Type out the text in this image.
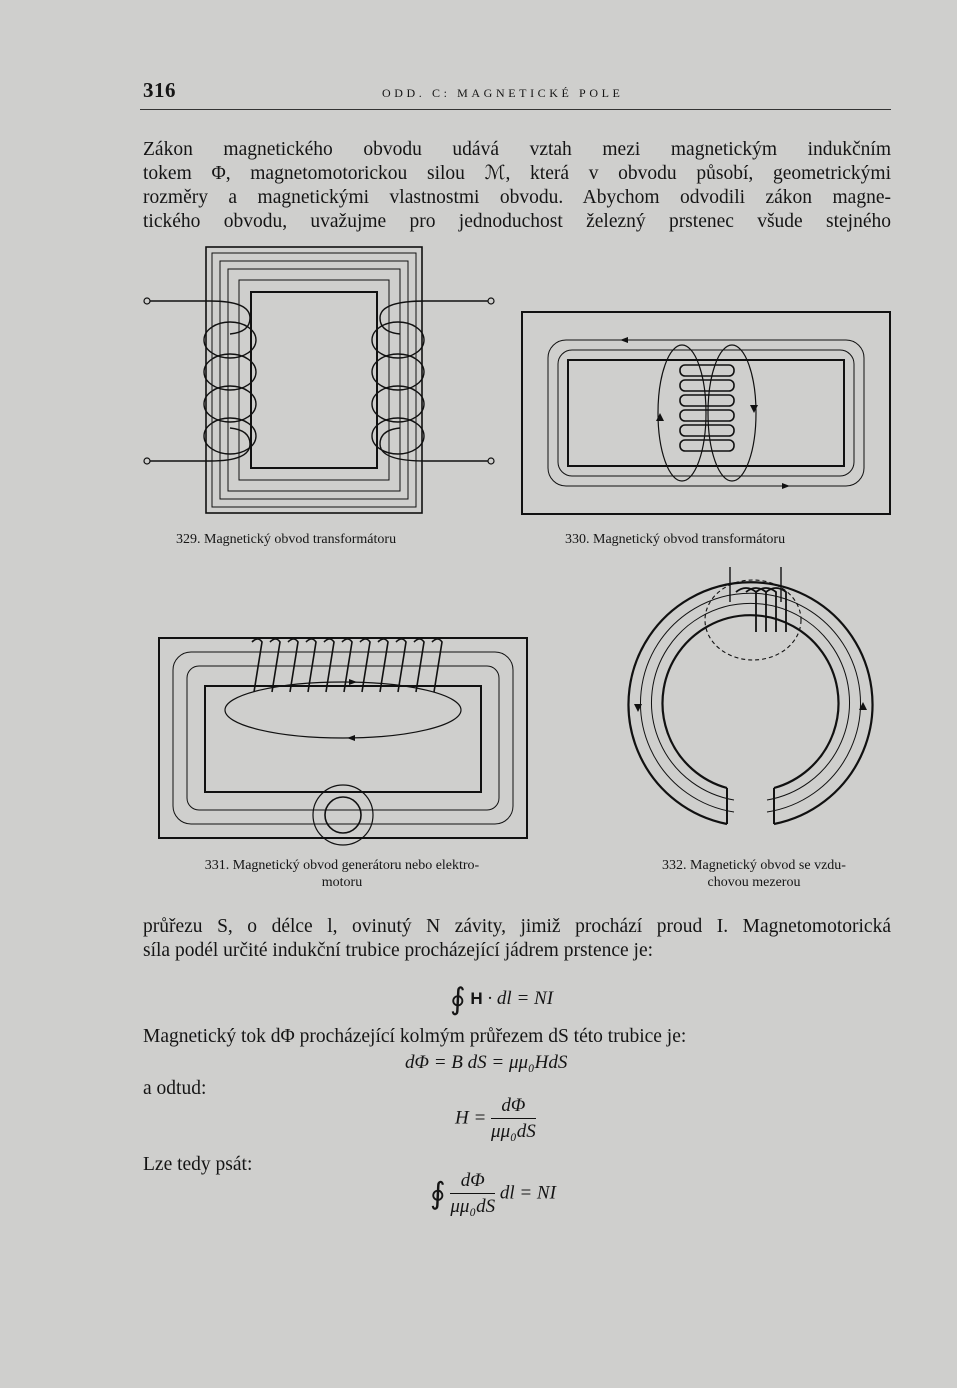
316	ODD. C: MAGNETICKÉ POLE

Zákon magnetického obvodu udává vztah mezi magnetickým indukčním
tokem Φ, magnetomotorickou silou ℳ, která v obvodu působí, geometrickými
rozměry a magnetickými vlastnostmi obvodu. Abychom odvodili zákon magne-
tického obvodu, uvažujme pro jednoduchost železný prstenec všude stejného

329. Magnetický obvod transformátoru	330. Magnetický obvod transformátoru

331. Magnetický obvod generátoru nebo elektro-
motoru

332. Magnetický obvod se vzdu-
chovou mezerou

průřezu S, o délce l, ovinutý N závity, jimiž prochází proud I. Magnetomotorická
síla podél určité indukční trubice procházející jádrem prstence je:

∮ H · dl = NI

Magnetický tok dΦ procházející kolmým průřezem dS této trubice je:

dΦ = B dS = μμ₀HdS

a odtud:

$H = \frac{d\Phi}{\text{μμ₀dS}}$

Lze tedy psát:

∮ $\frac{d\Phi}{\text{μμ₀dS}}$ dl = NI
